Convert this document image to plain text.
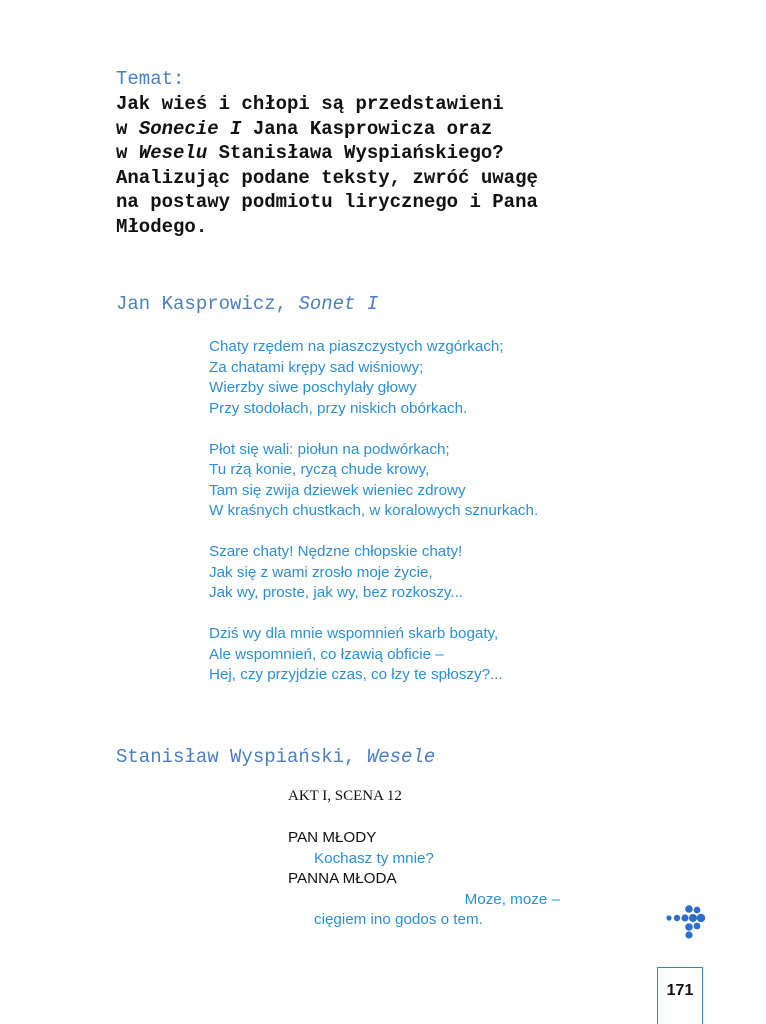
Temat:
Jak wieś i chłopi są przedstawieni
w Sonecie I Jana Kasprowicza oraz
w Weselu Stanisława Wyspiańskiego?
Analizując podane teksty, zwróć uwagę
na postawy podmiotu lirycznego i Pana
Młodego.
Jan Kasprowicz, Sonet I
Chaty rzędem na piaszczystych wzgórkach;
Za chatami krępy sad wiśniowy;
Wierzby siwe poschylały głowy
Przy stodołach, przy niskich obórkach.
Płot się wali: piołun na podwórkach;
Tu rżą konie, ryczą chude krowy,
Tam się zwija dziewek wieniec zdrowy
W kraśnych chustkach, w koralowych sznurkach.
Szare chaty! Nędzne chłopskie chaty!
Jak się z wami zrosło moje życie,
Jak wy, proste, jak wy, bez rozkoszy...
Dziś wy dla mnie wspomnień skarb bogaty,
Ale wspomnień, co łzawią obficie –
Hej, czy przyjdzie czas, co łzy te spłoszy?...
Stanisław Wyspiański, Wesele
AKT I, SCENA 12
PAN MŁODY
Kochasz ty mnie?
PANNA MŁODA
Moze, moze –
cięgiem ino godos o tem.
171
